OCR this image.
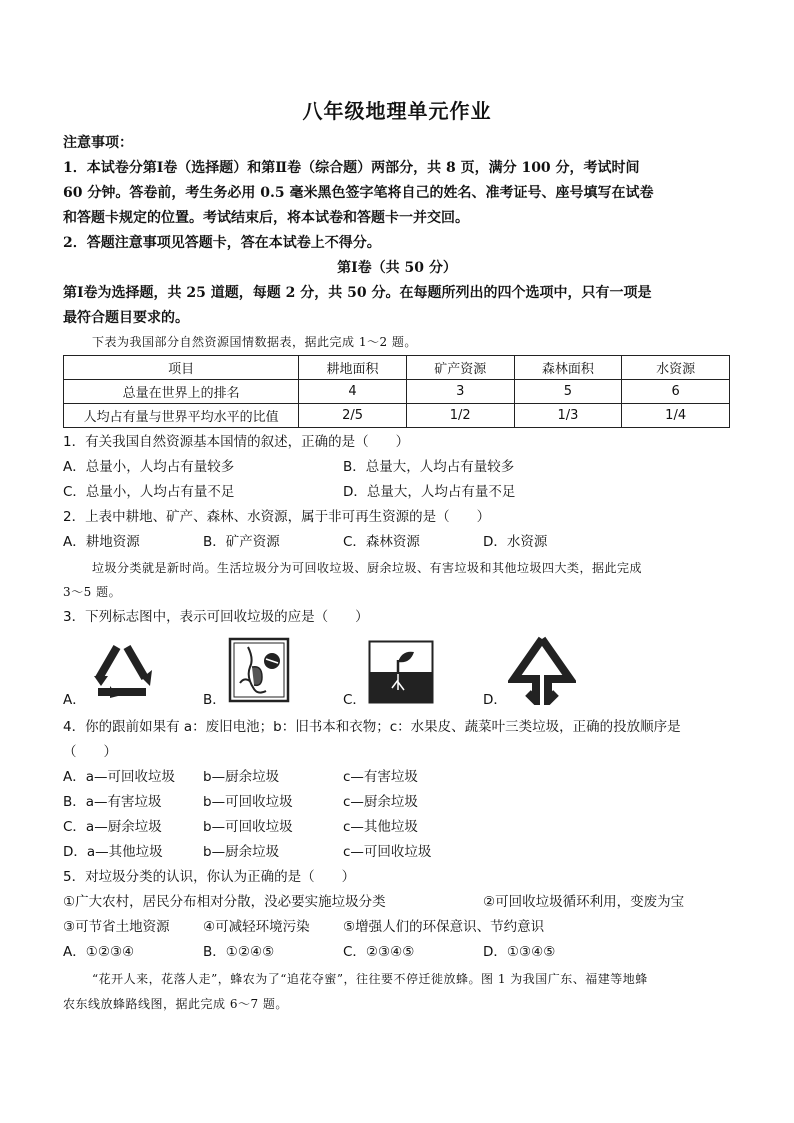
八年级地理单元作业
注意事项：
1．本试卷分第Ⅰ卷（选择题）和第Ⅱ卷（综合题）两部分，共 8 页，满分 100 分，考试时间
60 分钟。答卷前，考生务必用 0.5 毫米黑色签字笔将自己的姓名、准考证号、座号填写在试卷
和答题卡规定的位置。考试结束后，将本试卷和答题卡一并交回。
2．答题注意事项见答题卡，答在本试卷上不得分。
第Ⅰ卷（共 50 分）
第Ⅰ卷为选择题，共 25 道题，每题 2 分，共 50 分。在每题所列出的四个选项中，只有一项是
最符合题目要求的。
下表为我国部分自然资源国情数据表，据此完成 1～2 题。
项目	耕地面积	矿产资源	森林面积	水资源
总量在世界上的排名	4	3	5	6
人均占有量与世界平均水平的比值	2/5	1/2	1/3	1/4
1．有关我国自然资源基本国情的叙述，正确的是（　　）
A．总量小，人均占有量较多	B．总量大，人均占有量较多
C．总量小，人均占有量不足	D．总量大，人均占有量不足
2．上表中耕地、矿产、森林、水资源，属于非可再生资源的是（　　）
A．耕地资源	B．矿产资源	C．森林资源	D．水资源
垃圾分类就是新时尚。生活垃圾分为可回收垃圾、厨余垃圾、有害垃圾和其他垃圾四大类，据此完成
3～5 题。
3．下列标志图中，表示可回收垃圾的应是（　　）
A．	B．	C．	D．
4．你的跟前如果有 a：废旧电池；b：旧书本和衣物；c：水果皮、蔬菜叶三类垃圾，正确的投放顺序是
（　　）
A．a—可回收垃圾 b—厨余垃圾	c—有害垃圾
B．a—有害垃圾	b—可回收垃圾	c—厨余垃圾
C．a—厨余垃圾	b—可回收垃圾	c—其他垃圾
D．a—其他垃圾	b—厨余垃圾	c—可回收垃圾
5．对垃圾分类的认识，你认为正确的是（　　）
①广大农村，居民分布相对分散，没必要实施垃圾分类	②可回收垃圾循环利用，变废为宝
③可节省土地资源 ④可减轻环境污染 ⑤增强人们的环保意识、节约意识
A．①②③④	B．①②④⑤	C．②③④⑤	D．①③④⑤
“花开人来，花落人走”，蜂农为了“追花夺蜜”，往往要不停迁徙放蜂。图 1 为我国广东、福建等地蜂
农东线放蜂路线图，据此完成 6～7 题。
